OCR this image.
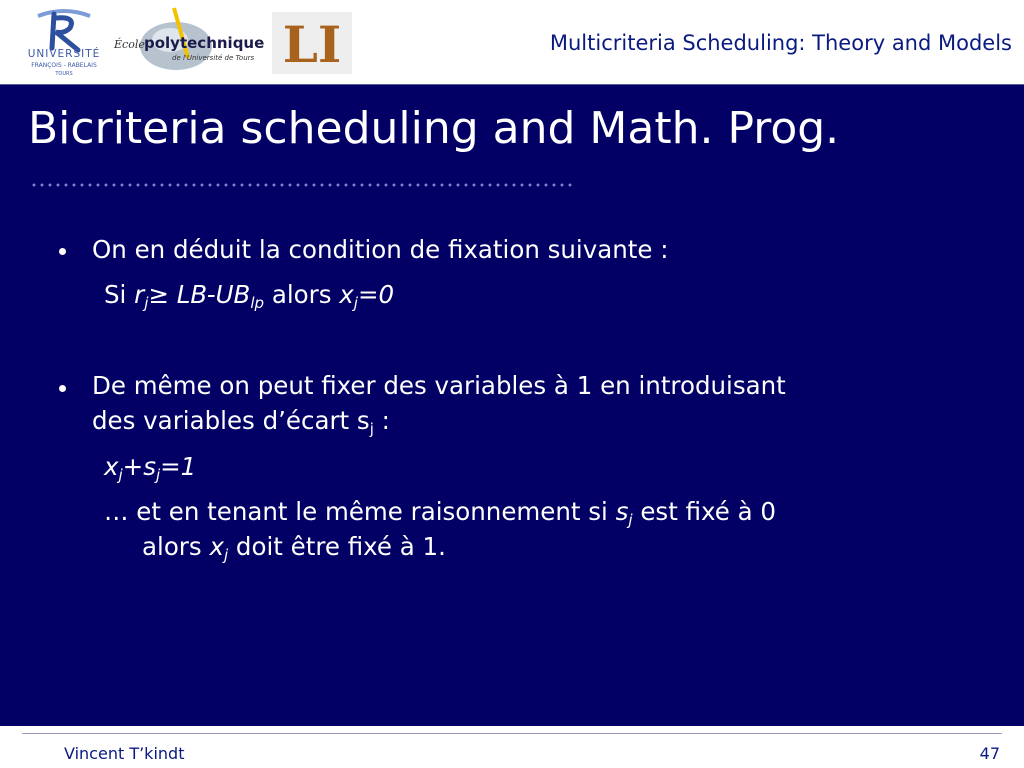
UNIVERSITÉ
FRANÇOIS - RABELAIS
TOURS
École polytechnique
de l'Université de Tours LI	Multicriteria Scheduling: Theory and Models
Bicriteria scheduling and Math. Prog.
On en déduit la condition de fixation suivante :
Si $r_j\ge LB-UB_{lp}$ alors $x_j=0$
De même on peut fixer des variables à 1 en introduisant
des variables d’écart $s_j$ :
$x_j+s_j=1$
… et en tenant le même raisonnement si $s_j$ est fixé à 0
alors $x_j$ doit être fixé à 1.
Vincent T’kindt	47
